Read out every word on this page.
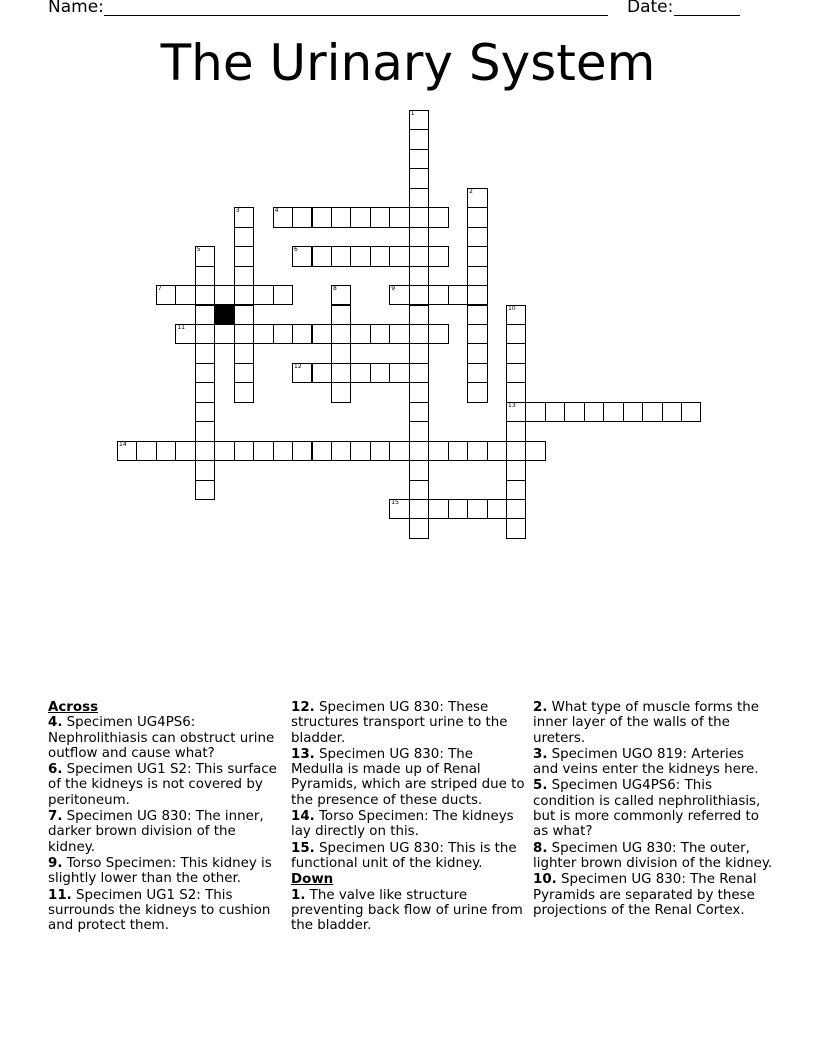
Name:	Date:
The Urinary System
1
2
3	4
5	6
7	8	9
10
13
11
12
14
15
Across
4. Specimen UG4PS6: Nephrolithiasis can obstruct urine outflow and cause what?
6. Specimen UG1 S2: This surface of the kidneys is not covered by peritoneum.
7. Specimen UG 830: The inner, darker brown division of the kidney.
9. Torso Specimen: This kidney is slightly lower than the other.
11. Specimen UG1 S2: This surrounds the kidneys to cushion and protect them.
12. Specimen UG 830: These structures transport urine to the bladder.
13. Specimen UG 830: The Medulla is made up of Renal Pyramids, which are striped due to the presence of these ducts.
14. Torso Specimen: The kidneys lay directly on this.
15. Specimen UG 830: This is the functional unit of the kidney.
Down
1. The valve like structure preventing back flow of urine from the bladder.
2. What type of muscle forms the inner layer of the walls of the ureters.
3. Specimen UGO 819: Arteries and veins enter the kidneys here.
5. Specimen UG4PS6: This condition is called nephrolithiasis, but is more commonly referred to as what?
8. Specimen UG 830: The outer, lighter brown division of the kidney.
10. Specimen UG 830: The Renal Pyramids are separated by these projections of the Renal Cortex.
